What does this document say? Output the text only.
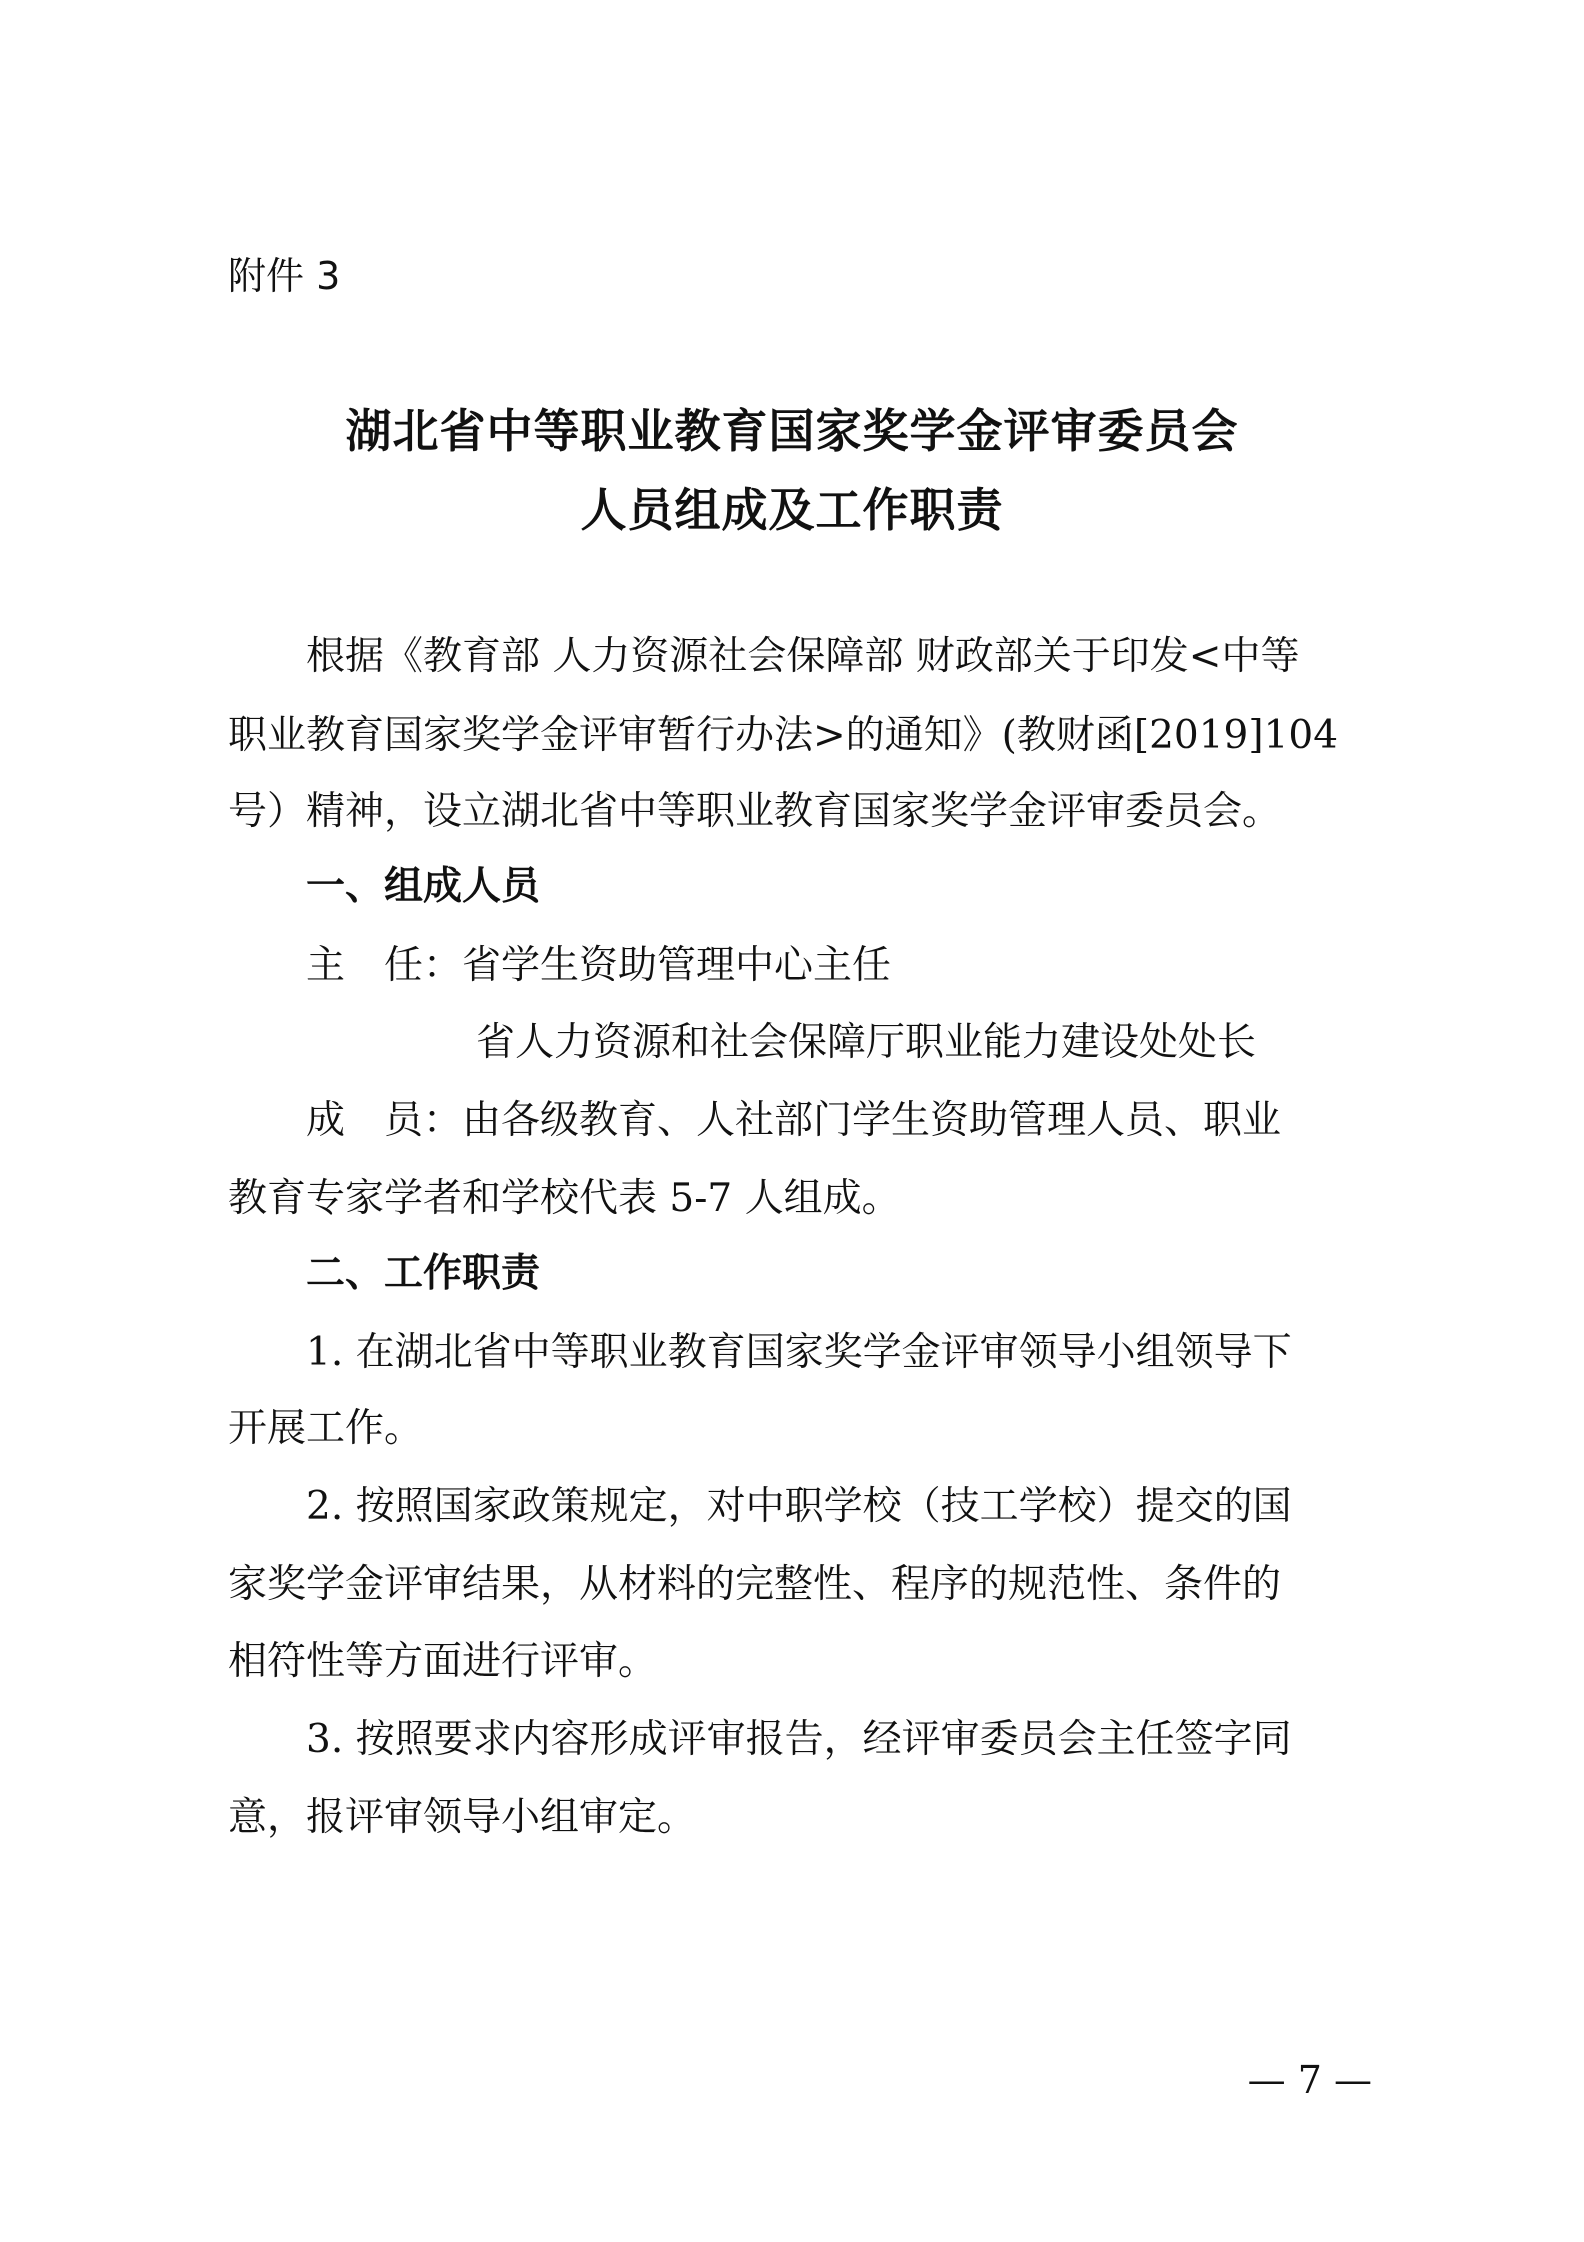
附件 3
湖北省中等职业教育国家奖学金评审委员会
人员组成及工作职责
根据《教育部 人力资源社会保障部 财政部关于印发<中等
职业教育国家奖学金评审暂行办法>的通知》(教财函[2019]104
号）精神，设立湖北省中等职业教育国家奖学金评审委员会。
一、组成人员
主　任：省学生资助管理中心主任
省人力资源和社会保障厅职业能力建设处处长
成　员：由各级教育、人社部门学生资助管理人员、职业
教育专家学者和学校代表 5-7 人组成。
二、工作职责
1. 在湖北省中等职业教育国家奖学金评审领导小组领导下
开展工作。
2. 按照国家政策规定，对中职学校（技工学校）提交的国
家奖学金评审结果，从材料的完整性、程序的规范性、条件的
相符性等方面进行评审。
3. 按照要求内容形成评审报告，经评审委员会主任签字同
意，报评审领导小组审定。
— 7 —
